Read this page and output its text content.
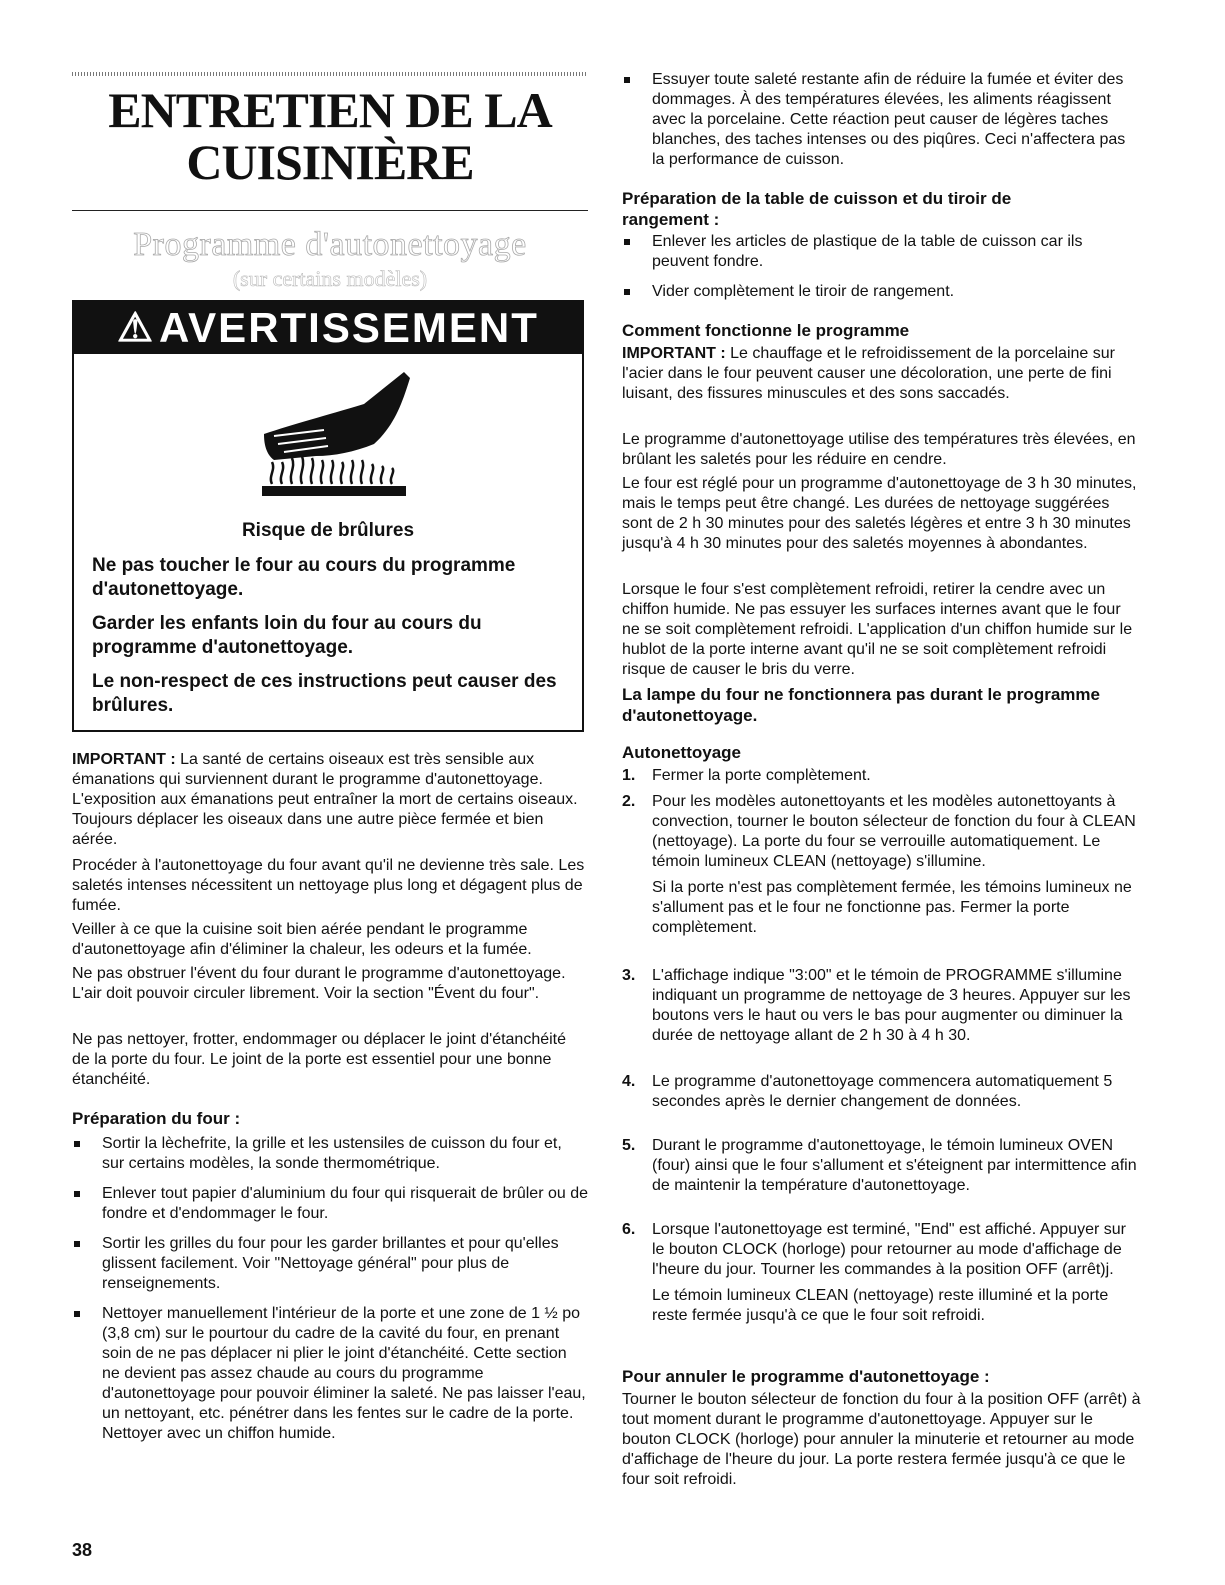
ENTRETIEN DE LA
CUISINIÈRE
Programme d'autonettoyage
(sur certains modèles)
⚠ AVERTISSEMENT
Risque de brûlures
Ne pas toucher le four au cours du programme d'autonettoyage.
Garder les enfants loin du four au cours du programme d'autonettoyage.
Le non-respect de ces instructions peut causer des brûlures.

IMPORTANT : La santé de certains oiseaux est très sensible aux émanations qui surviennent durant le programme d'autonettoyage. L'exposition aux émanations peut entraîner la mort de certains oiseaux. Toujours déplacer les oiseaux dans une autre pièce fermée et bien aérée.

Procéder à l'autonettoyage du four avant qu'il ne devienne très sale. Les saletés intenses nécessitent un nettoyage plus long et dégagent plus de fumée.

Veiller à ce que la cuisine soit bien aérée pendant le programme d'autonettoyage afin d'éliminer la chaleur, les odeurs et la fumée.

Ne pas obstruer l'évent du four durant le programme d'autonettoyage. L'air doit pouvoir circuler librement. Voir la section "Évent du four".

Ne pas nettoyer, frotter, endommager ou déplacer le joint d'étanchéité de la porte du four. Le joint de la porte est essentiel pour une bonne étanchéité.

Préparation du four :
Sortir la lèchefrite, la grille et les ustensiles de cuisson du four et, sur certains modèles, la sonde thermométrique.
Enlever tout papier d'aluminium du four qui risquerait de brûler ou de fondre et d'endommager le four.
Sortir les grilles du four pour les garder brillantes et pour qu'elles glissent facilement. Voir "Nettoyage général" pour plus de renseignements.
Nettoyer manuellement l'intérieur de la porte et une zone de 1 ½ po (3,8 cm) sur le pourtour du cadre de la cavité du four, en prenant soin de ne pas déplacer ni plier le joint d'étanchéité. Cette section ne devient pas assez chaude au cours du programme d'autonettoyage pour pouvoir éliminer la saleté. Ne pas laisser l'eau, un nettoyant, etc. pénétrer dans les fentes sur le cadre de la porte. Nettoyer avec un chiffon humide.
38
Essuyer toute saleté restante afin de réduire la fumée et éviter des dommages. À des températures élevées, les aliments réagissent avec la porcelaine. Cette réaction peut causer de légères taches blanches, des taches intenses ou des piqûres. Ceci n'affectera pas la performance de cuisson.
Préparation de la table de cuisson et du tiroir de rangement :
Enlever les articles de plastique de la table de cuisson car ils peuvent fondre.
Vider complètement le tiroir de rangement.
Comment fonctionne le programme

IMPORTANT : Le chauffage et le refroidissement de la porcelaine sur l'acier dans le four peuvent causer une décoloration, une perte de fini luisant, des fissures minuscules et des sons saccadés.

Le programme d'autonettoyage utilise des températures très élevées, en brûlant les saletés pour les réduire en cendre.

Le four est réglé pour un programme d'autonettoyage de 3 h 30 minutes, mais le temps peut être changé. Les durées de nettoyage suggérées sont de 2 h 30 minutes pour des saletés légères et entre 3 h 30 minutes jusqu'à 4 h 30 minutes pour des saletés moyennes à abondantes.

Lorsque le four s'est complètement refroidi, retirer la cendre avec un chiffon humide. Ne pas essuyer les surfaces internes avant que le four ne se soit complètement refroidi. L'application d'un chiffon humide sur le hublot de la porte interne avant qu'il ne se soit complètement refroidi risque de causer le bris du verre.

La lampe du four ne fonctionnera pas durant le programme d'autonettoyage.
Autonettoyage
1. Fermer la porte complètement.
2. Pour les modèles autonettoyants et les modèles autonettoyants à convection, tourner le bouton sélecteur de fonction du four à CLEAN (nettoyage). La porte du four se verrouille automatiquement. Le témoin lumineux CLEAN (nettoyage) s'illumine.
Si la porte n'est pas complètement fermée, les témoins lumineux ne s'allument pas et le four ne fonctionne pas. Fermer la porte complètement.
3. L'affichage indique "3:00" et le témoin de PROGRAMME s'illumine indiquant un programme de nettoyage de 3 heures. Appuyer sur les boutons vers le haut ou vers le bas pour augmenter ou diminuer la durée de nettoyage allant de 2 h 30 à 4 h 30.
4. Le programme d'autonettoyage commencera automatiquement 5 secondes après le dernier changement de données.
5. Durant le programme d'autonettoyage, le témoin lumineux OVEN (four) ainsi que le four s'allument et s'éteignent par intermittence afin de maintenir la température d'autonettoyage.
6. Lorsque l'autonettoyage est terminé, "End" est affiché. Appuyer sur le bouton CLOCK (horloge) pour retourner au mode d'affichage de l'heure du jour. Tourner les commandes à la position OFF (arrêt)j.
Le témoin lumineux CLEAN (nettoyage) reste illuminé et la porte reste fermée jusqu'à ce que le four soit refroidi.
Pour annuler le programme d'autonettoyage :

Tourner le bouton sélecteur de fonction du four à la position OFF (arrêt) à tout moment durant le programme d'autonettoyage. Appuyer sur le bouton CLOCK (horloge) pour annuler la minuterie et retourner au mode d'affichage de l'heure du jour. La porte restera fermée jusqu'à ce que le four soit refroidi.
